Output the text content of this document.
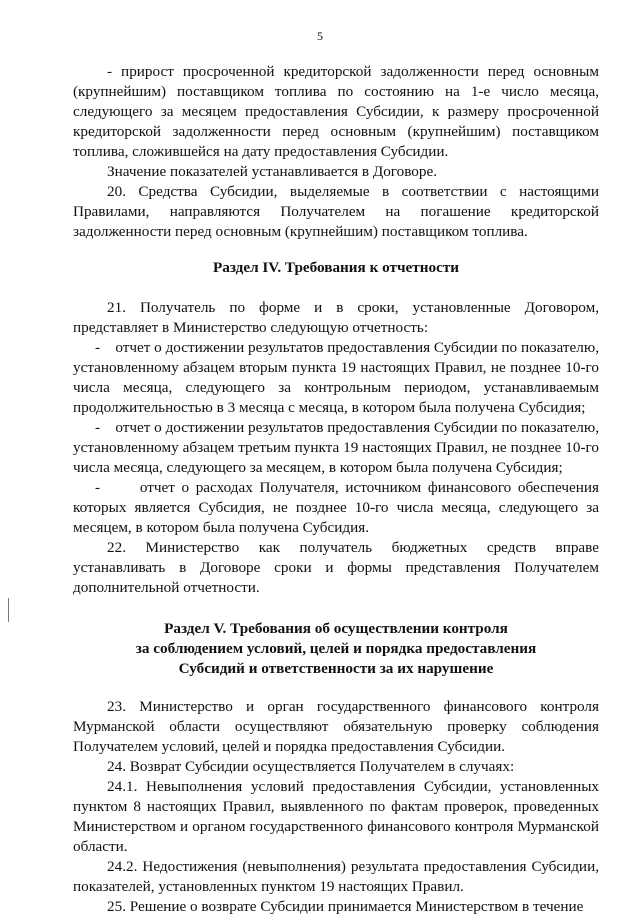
5

- прирост просроченной кредиторской задолженности перед основным (крупнейшим) поставщиком топлива по состоянию на 1-е число месяца, следующего за месяцем предоставления Субсидии, к размеру просроченной кредиторской задолженности перед основным (крупнейшим) поставщиком топлива, сложившейся на дату предоставления Субсидии.

Значение показателей устанавливается в Договоре.

20. Средства Субсидии, выделяемые в соответствии с настоящими Правилами, направляются Получателем на погашение кредиторской задолженности перед основным (крупнейшим) поставщиком топлива.

Раздел IV. Требования к отчетности

21. Получатель по форме и в сроки, установленные Договором, представляет в Министерство следующую отчетность:

-    отчет о достижении результатов предоставления Субсидии по показателю, установленному абзацем вторым пункта 19 настоящих Правил, не позднее 10-го числа месяца, следующего за контрольным периодом, устанавливаемым продолжительностью в 3 месяца с месяца, в котором была получена Субсидия;

-    отчет о достижении результатов предоставления Субсидии по показателю, установленному абзацем третьим пункта 19 настоящих Правил, не позднее 10-го числа месяца, следующего за месяцем, в котором была получена Субсидия;

-      отчет о расходах Получателя, источником финансового обеспечения которых является Субсидия, не позднее 10-го числа месяца, следующего за месяцем, в котором была получена Субсидия.

22. Министерство как получатель бюджетных средств вправе устанавливать в Договоре сроки и формы представления Получателем дополнительной отчетности.

Раздел V. Требования об осуществлении контроля

за соблюдением условий, целей и порядка предоставления

Субсидий и ответственности за их нарушение

23. Министерство и орган государственного финансового контроля Мурманской области осуществляют обязательную проверку соблюдения Получателем условий, целей и порядка предоставления Субсидии.

24. Возврат Субсидии осуществляется Получателем в случаях:

24.1. Невыполнения условий предоставления Субсидии, установленных пунктом 8 настоящих Правил, выявленного по фактам проверок, проведенных Министерством и органом государственного финансового контроля Мурманской области.

24.2. Недостижения (невыполнения) результата предоставления Субсидии, показателей, установленных пунктом 19 настоящих Правил.

25. Решение о возврате Субсидии принимается Министерством в течение
